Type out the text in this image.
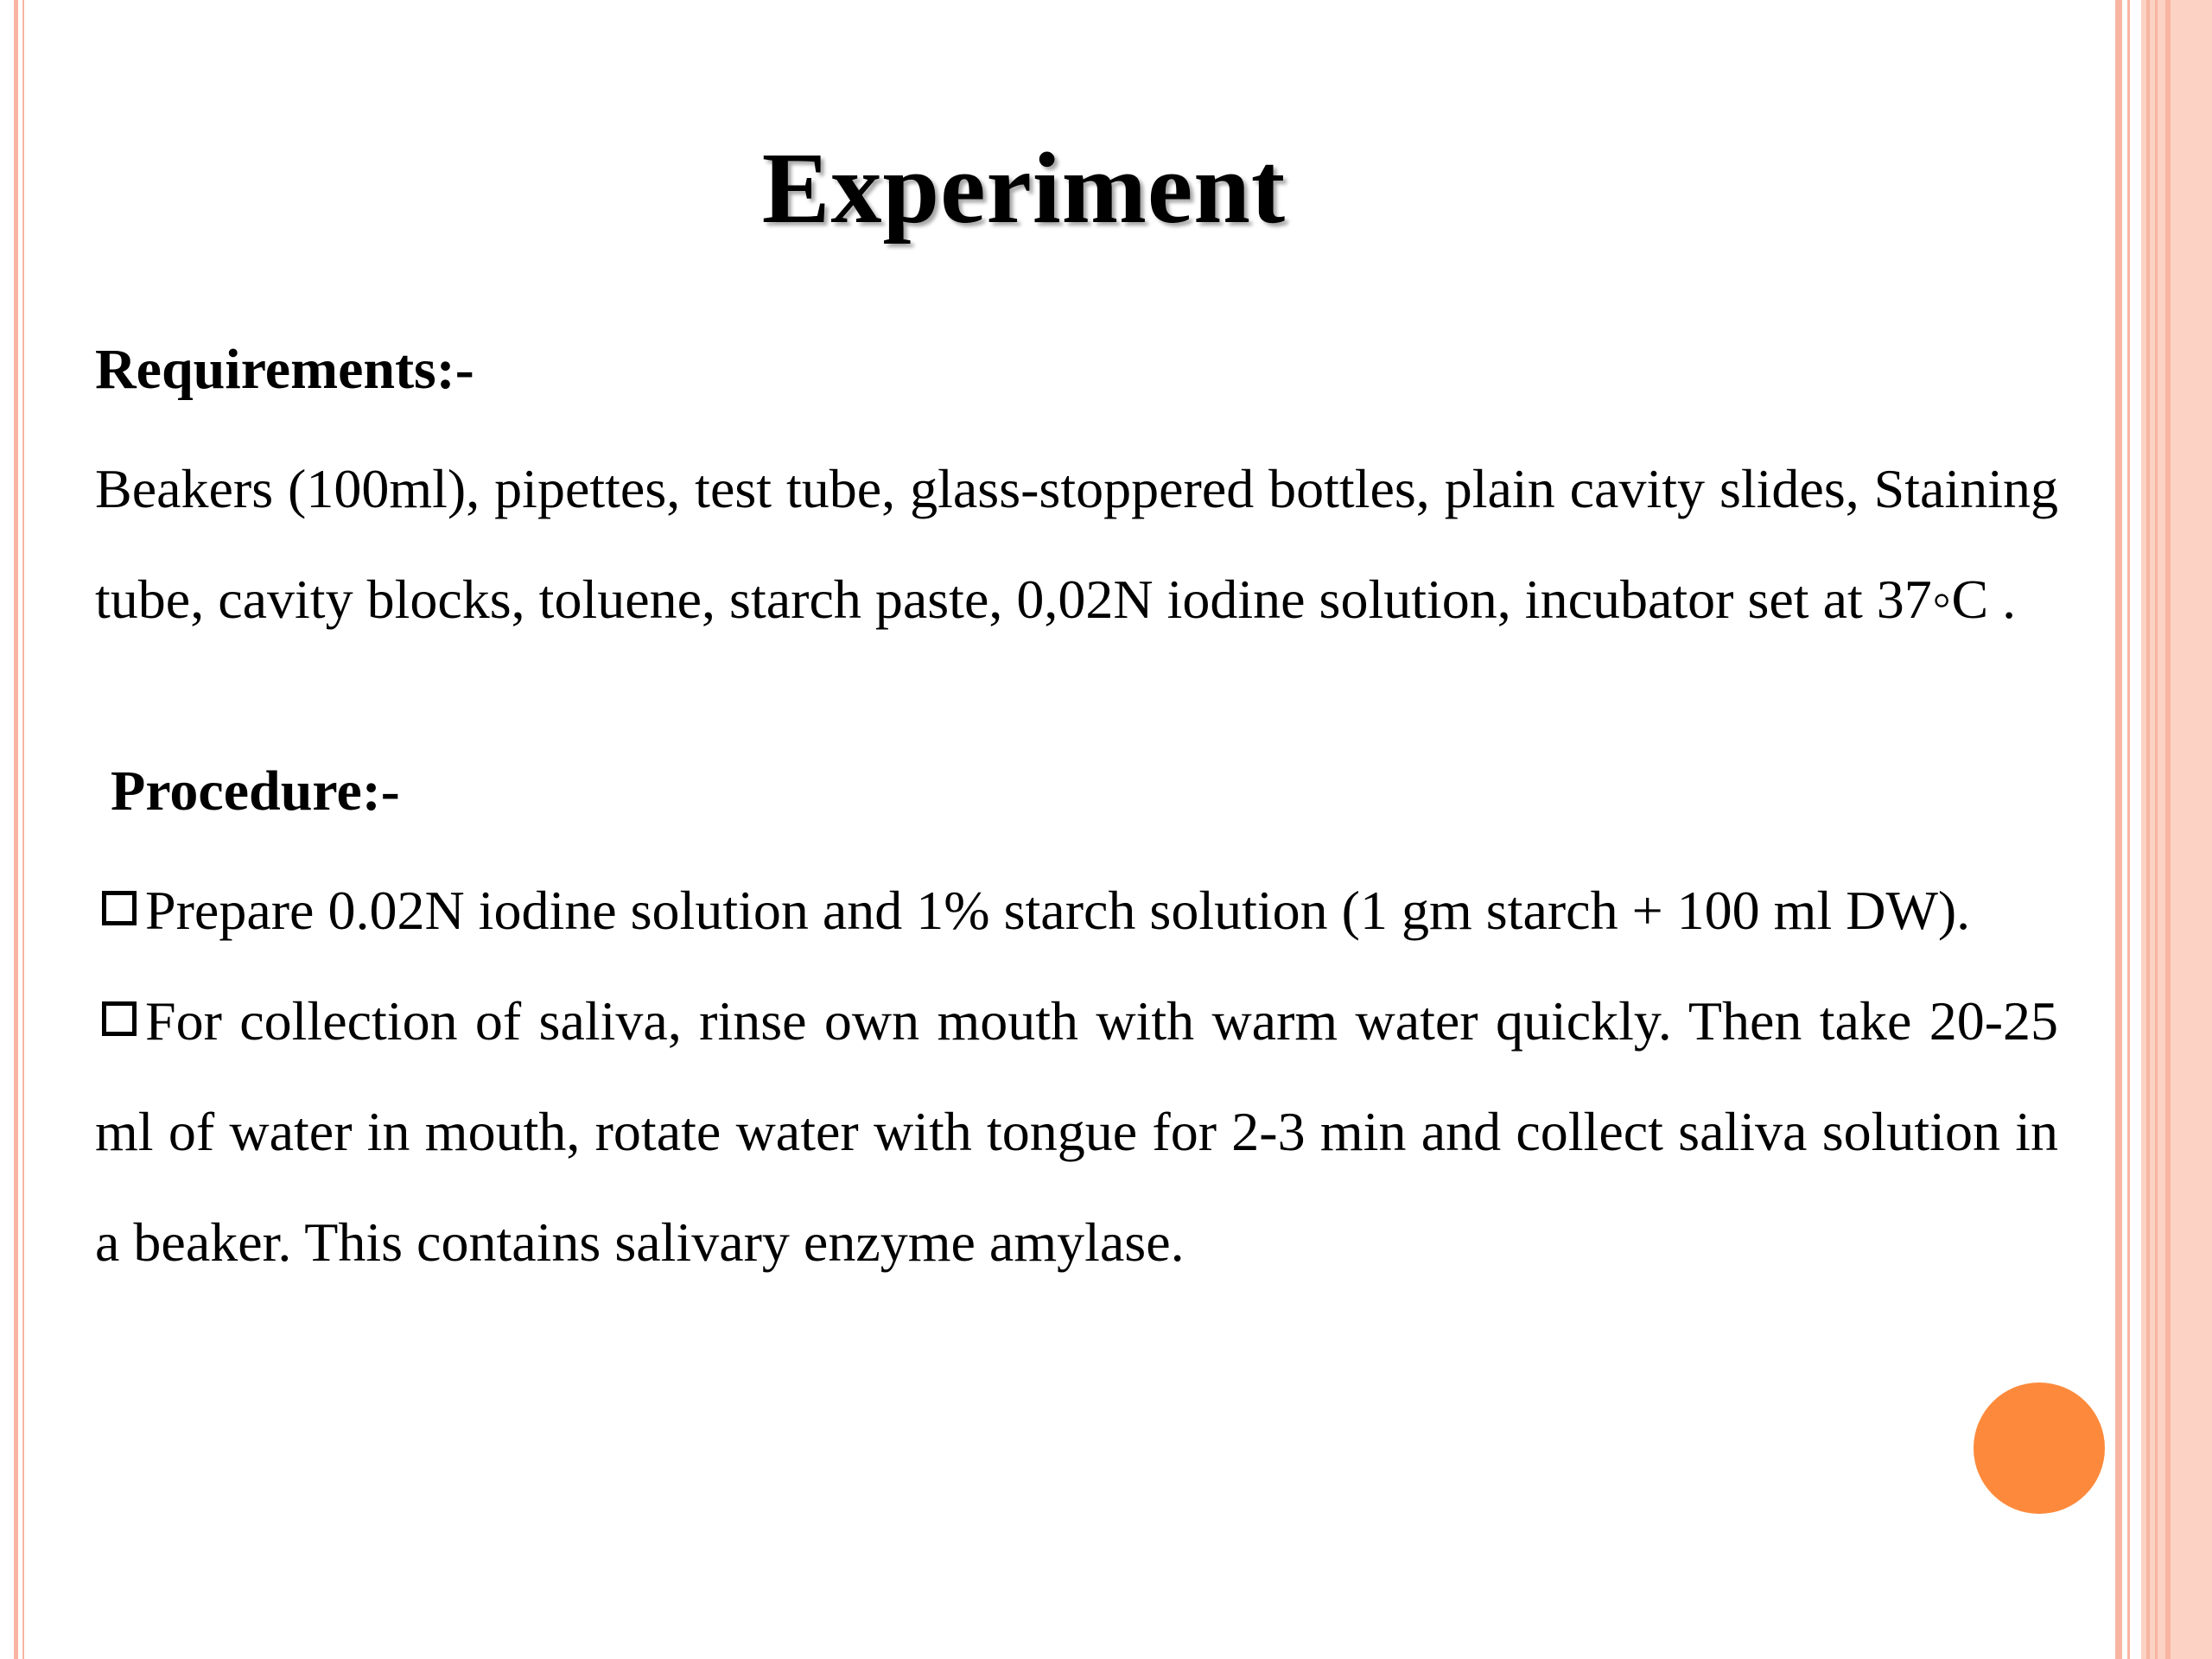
Experiment

Requirements:-

Beakers (100ml), pipettes, test tube, glass-stoppered bottles, plain cavity slides, Staining tube, cavity blocks, toluene, starch paste, 0,02N iodine solution, incubator set at 37◦C .

Procedure:-

Prepare 0.02N iodine solution and 1% starch solution (1 gm starch + 100 ml DW).
For collection of saliva, rinse own mouth with warm water quickly. Then take 20-25 ml of water in mouth, rotate water with tongue for 2-3 min and collect saliva solution in a beaker. This contains salivary enzyme amylase.
